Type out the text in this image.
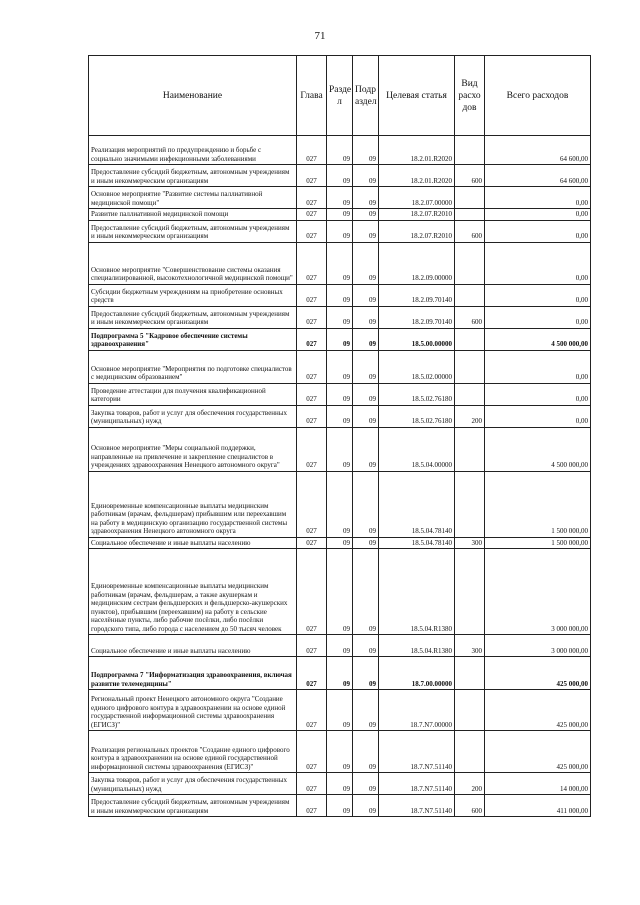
71
Наименование	Глава	Разде л	Подр аздел	Целевая статья	Вид расхо дов	Всего расходов
Реализация мероприятий по предупреждению и борьбе с социально значимыми инфекционными заболеваниями	027	09	09	18.2.01.R2020		64 600,00
Предоставление субсидий бюджетным, автономным учреждениям и иным некоммерческим организациям	027	09	09	18.2.01.R2020	600	64 600,00
Основное мероприятие "Развитие системы паллиативной медицинской помощи"	027	09	09	18.2.07.00000		0,00
Развитие паллиативной медицинской помощи	027	09	09	18.2.07.R2010		0,00
Предоставление субсидий бюджетным, автономным учреждениям и иным некоммерческим организациям	027	09	09	18.2.07.R2010	600	0,00
Основное мероприятие "Совершенствование системы оказания специализированной, высокотехнологичной медицинской помощи"	027	09	09	18.2.09.00000		0,00
Субсидии бюджетным учреждениям на приобретение основных средств	027	09	09	18.2.09.70140		0,00
Предоставление субсидий бюджетным, автономным учреждениям и иным некоммерческим организациям	027	09	09	18.2.09.70140	600	0,00
Подпрограмма 5 "Кадровое обеспечение системы здравоохранения"	027	09	09	18.5.00.00000		4 500 000,00
Основное мероприятие "Мероприятия по подготовке специалистов с медицинским образованием"	027	09	09	18.5.02.00000		0,00
Проведение аттестации для получения квалификационной категории	027	09	09	18.5.02.76180		0,00
Закупка товаров, работ и услуг для обеспечения государственных (муниципальных) нужд	027	09	09	18.5.02.76180	200	0,00
Основное мероприятие "Меры социальной поддержки, направленные на привлечение и закрепление специалистов в учреждениях здравоохранения Ненецкого автономного округа"	027	09	09	18.5.04.00000		4 500 000,00
Единовременные компенсационные выплаты медицинским работникам (врачам, фельдшерам) прибывшим или переехавшим на работу в медицинскую организацию государственной системы здравоохранения Ненецкого автономного округа	027	09	09	18.5.04.78140		1 500 000,00
Социальное обеспечение и иные выплаты населению	027	09	09	18.5.04.78140	300	1 500 000,00
Единовременные компенсационные выплаты медицинским работникам (врачам, фельдшерам, а также акушеркам и медицинским сестрам фельдшерских и фельдшерско-акушерских пунктов), прибывшим (переехавшим) на работу в сельские населённые пункты, либо рабочие посёлки, либо посёлки городского типа, либо города с населением до 50 тысяч человек	027	09	09	18.5.04.R1380		3 000 000,00
Социальное обеспечение и иные выплаты населению	027	09	09	18.5.04.R1380	300	3 000 000,00
Подпрограмма 7 "Информатизация здравоохранения, включая развитие телемедицины"	027	09	09	18.7.00.00000		425 000,00
Региональный проект Ненецкого автономного округа "Создание единого цифрового контура в здравоохранении на основе единой государственной информационной системы здравоохранения (ЕГИСЗ)"	027	09	09	18.7.N7.00000		425 000,00
Реализация региональных проектов "Создание единого цифрового контура в здравоохранении на основе единой государственной информационной системы здравоохранения (ЕГИСЗ)"	027	09	09	18.7.N7.51140		425 000,00
Закупка товаров, работ и услуг для обеспечения государственных (муниципальных) нужд	027	09	09	18.7.N7.51140	200	14 000,00
Предоставление субсидий бюджетным, автономным учреждениям и иным некоммерческим организациям	027	09	09	18.7.N7.51140	600	411 000,00
